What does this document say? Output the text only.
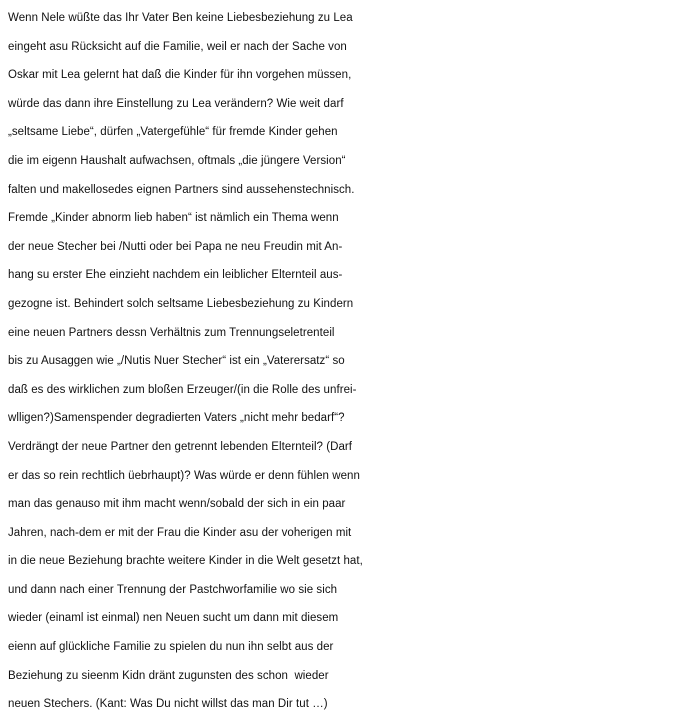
Wenn Nele wüßte das Ihr Vater Ben keine Liebesbeziehung zu Lea
eingeht asu Rücksicht auf die Familie, weil er nach der Sache von
Oskar mit Lea gelernt hat daß die Kinder für ihn vorgehen müssen,
würde das dann ihre Einstellung zu Lea verändern? Wie weit darf
„seltsame Liebe“, dürfen „Vatergefühle“ für fremde Kinder gehen
die im eigenn Haushalt aufwachsen, oftmals „die jüngere Version“
falten und makellosedes eignen Partners sind aussehenstechnisch.
Fremde „Kinder abnorm lieb haben“ ist nämlich ein Thema wenn
der neue Stecher bei /Nutti oder bei Papa ne neu Freudin mit An-
hang su erster Ehe einzieht nachdem ein leiblicher Elternteil aus-
gezogne ist. Behindert solch seltsame Liebesbeziehung zu Kindern
eine neuen Partners dessn Verhältnis zum Trennungseletrenteil
bis zu Ausaggen wie „/Nutis Nuer Stecher“ ist ein „Vaterersatz“ so
daß es des wirklichen zum bloßen Erzeuger/(in die Rolle des unfrei-
wlligen?)Samenspender degradierten Vaters „nicht mehr bedarf“?
Verdrängt der neue Partner den getrennt lebenden Elternteil? (Darf
er das so rein rechtlich üebrhaupt)? Was würde er denn fühlen wenn
man das genauso mit ihm macht wenn/sobald der sich in ein paar
Jahren, nach-dem er mit der Frau die Kinder asu der voherigen mit
in die neue Beziehung brachte weitere Kinder in die Welt gesetzt hat,
und dann nach einer Trennung der Pastchworfamilie wo sie sich
wieder (einaml ist einmal) nen Neuen sucht um dann mit diesem
eienn auf glückliche Familie zu spielen du nun ihn selbt aus der
Beziehung zu sieenm Kidn dränt zugunsten des schon  wieder
neuen Stechers. (Kant: Was Du nicht willst das man Dir tut …)
